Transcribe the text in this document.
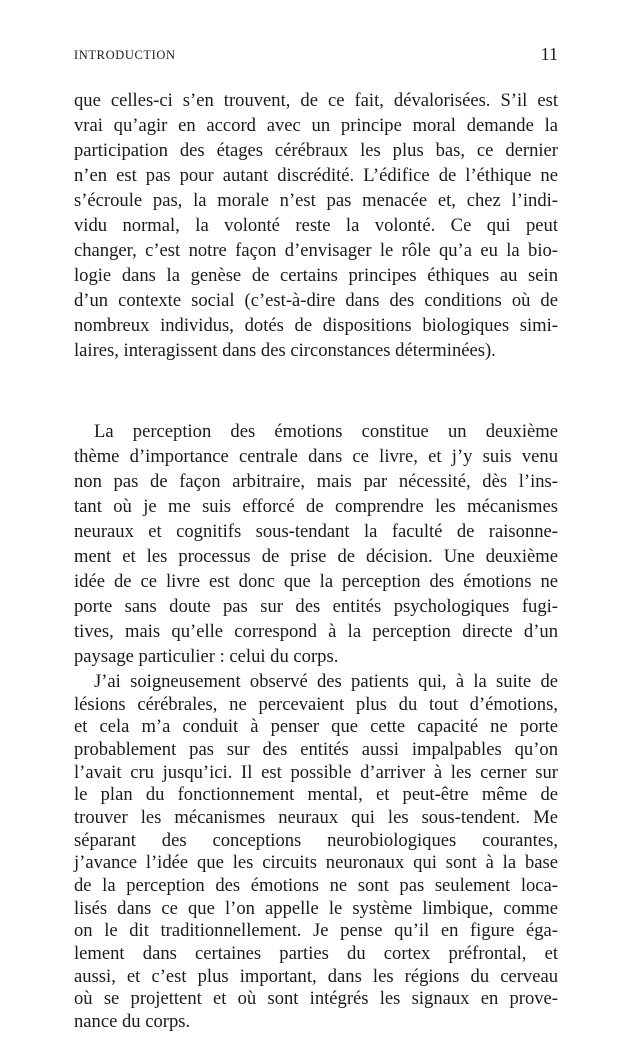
INTRODUCTION	11
que celles-ci s’en trouvent, de ce fait, dévalorisées. S’il est
vrai qu’agir en accord avec un principe moral demande la
participation des étages cérébraux les plus bas, ce dernier
n’en est pas pour autant discrédité. L’édifice de l’éthique ne
s’écroule pas, la morale n’est pas menacée et, chez l’indi-
vidu normal, la volonté reste la volonté. Ce qui peut
changer, c’est notre façon d’envisager le rôle qu’a eu la bio-
logie dans la genèse de certains principes éthiques au sein
d’un contexte social (c’est-à-dire dans des conditions où de
nombreux individus, dotés de dispositions biologiques simi-
laires, interagissent dans des circonstances déterminées).
La perception des émotions constitue un deuxième
thème d’importance centrale dans ce livre, et j’y suis venu
non pas de façon arbitraire, mais par nécessité, dès l’ins-
tant où je me suis efforcé de comprendre les mécanismes
neuraux et cognitifs sous-tendant la faculté de raisonne-
ment et les processus de prise de décision. Une deuxième
idée de ce livre est donc que la perception des émotions ne
porte sans doute pas sur des entités psychologiques fugi-
tives, mais qu’elle correspond à la perception directe d’un
paysage particulier : celui du corps.
J’ai soigneusement observé des patients qui, à la suite de
lésions cérébrales, ne percevaient plus du tout d’émotions,
et cela m’a conduit à penser que cette capacité ne porte
probablement pas sur des entités aussi impalpables qu’on
l’avait cru jusqu’ici. Il est possible d’arriver à les cerner sur
le plan du fonctionnement mental, et peut-être même de
trouver les mécanismes neuraux qui les sous-tendent. Me
séparant des conceptions neurobiologiques courantes,
j’avance l’idée que les circuits neuronaux qui sont à la base
de la perception des émotions ne sont pas seulement loca-
lisés dans ce que l’on appelle le système limbique, comme
on le dit traditionnellement. Je pense qu’il en figure éga-
lement dans certaines parties du cortex préfrontal, et
aussi, et c’est plus important, dans les régions du cerveau
où se projettent et où sont intégrés les signaux en prove-
nance du corps.
